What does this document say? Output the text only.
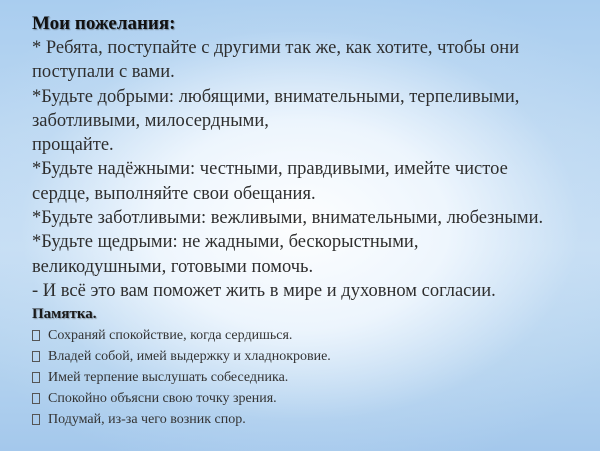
Мои пожелания:

* Ребята, поступайте с другими так же, как хотите, чтобы они

поступали с вами.

*Будьте добрыми: любящими, внимательными, терпеливыми,

заботливыми, милосердными,

прощайте.

*Будьте надёжными: честными, правдивыми, имейте чистое

сердце, выполняйте свои обещания.

*Будьте заботливыми: вежливыми, внимательными, любезными.

*Будьте щедрыми: не жадными, бескорыстными,

великодушными, готовыми помочь.

- И всё это вам поможет жить в мире и духовном согласии.

Памятка.

Сохраняй спокойствие, когда сердишься.

Владей собой, имей выдержку и хладнокровие.

Имей терпение выслушать собеседника.

Спокойно объясни свою точку зрения.

Подумай, из-за чего возник спор.
